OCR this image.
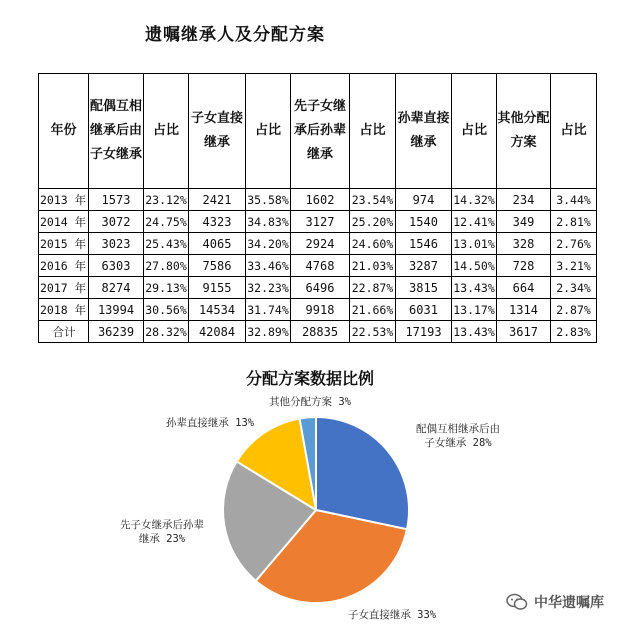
遗嘱继承人及分配方案
年份	配偶互相继承后由子女继承	占比	子女直接继承	占比	先子女继承后孙辈继承	占比	孙辈直接继承	占比	其他分配方案	占比
2013 年	1573	23.12%	2421	35.58%	1602	23.54%	974	14.32%	234	3.44%
2014 年	3072	24.75%	4323	34.83%	3127	25.20%	1540	12.41%	349	2.81%
2015 年	3023	25.43%	4065	34.20%	2924	24.60%	1546	13.01%	328	2.76%
2016 年	6303	27.80%	7586	33.46%	4768	21.03%	3287	14.50%	728	3.21%
2017 年	8274	29.13%	9155	32.23%	6496	22.87%	3815	13.43%	664	2.34%
2018 年	13994	30.56%	14534	31.74%	9918	21.66%	6031	13.17%	1314	2.87%
合计	36239	28.32%	42084	32.89%	28835	22.53%	17193	13.43%	3617	2.83%
分配方案数据比例
配偶互相继承后由
子女继承 28%
子女直接继承 33%
先子女继承后孙辈
继承 23%
孙辈直接继承 13%
其他分配方案 3%
中华遗嘱库
